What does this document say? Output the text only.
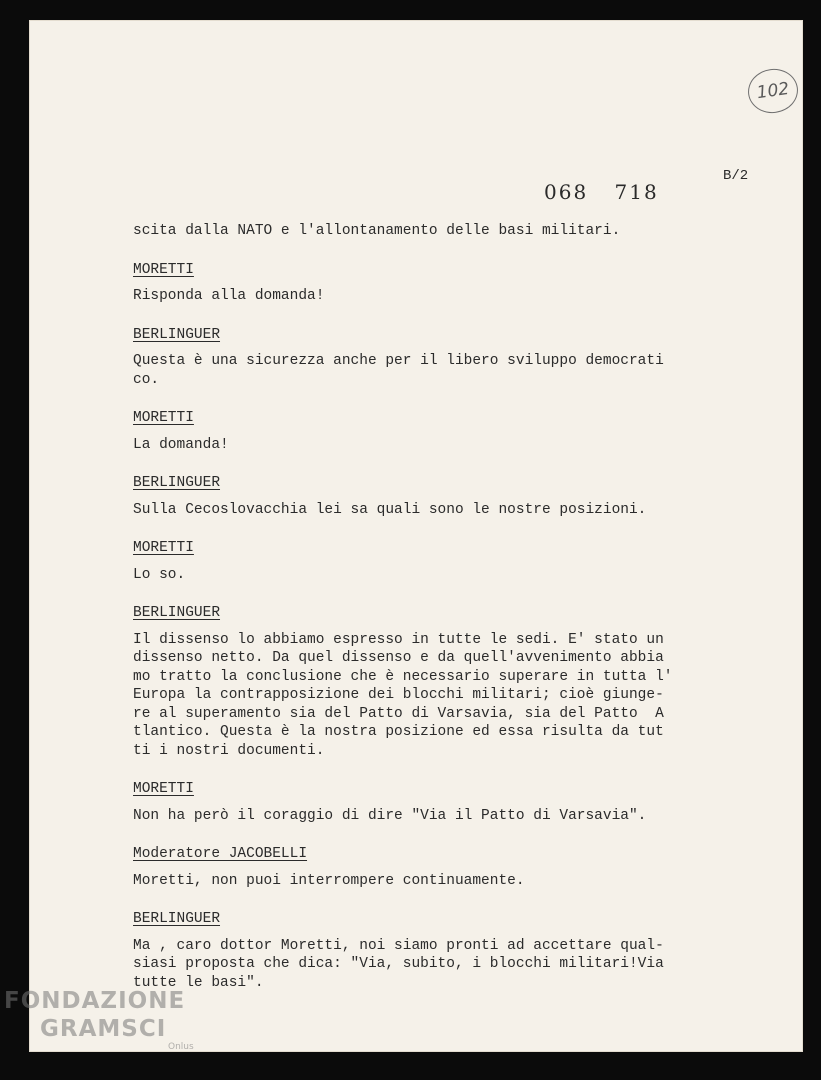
102
068 718
B/2
scita dalla NATO e l'allontanamento delle basi militari.
MORETTI
Risponda alla domanda!
BERLINGUER
Questa è una sicurezza anche per il libero sviluppo democrati
co.
MORETTI
La domanda!
BERLINGUER
Sulla Cecoslovacchia lei sa quali sono le nostre posizioni.
MORETTI
Lo so.
BERLINGUER
Il dissenso lo abbiamo espresso in tutte le sedi. E' stato un
dissenso netto. Da quel dissenso e da quell'avvenimento abbia
mo tratto la conclusione che è necessario superare in tutta l'
Europa la contrapposizione dei blocchi militari; cioè giunge-
re al superamento sia del Patto di Varsavia, sia del Patto  A
tlantico. Questa è la nostra posizione ed essa risulta da tut
ti i nostri documenti.
MORETTI
Non ha però il coraggio di dire "Via il Patto di Varsavia".
Moderatore JACOBELLI
Moretti, non puoi interrompere continuamente.
BERLINGUER
Ma , caro dottor Moretti, noi siamo pronti ad accettare qual-
siasi proposta che dica: "Via, subito, i blocchi militari!Via
tutte le basi".
FONDAZIONE
GRAMSCI
Onlus
